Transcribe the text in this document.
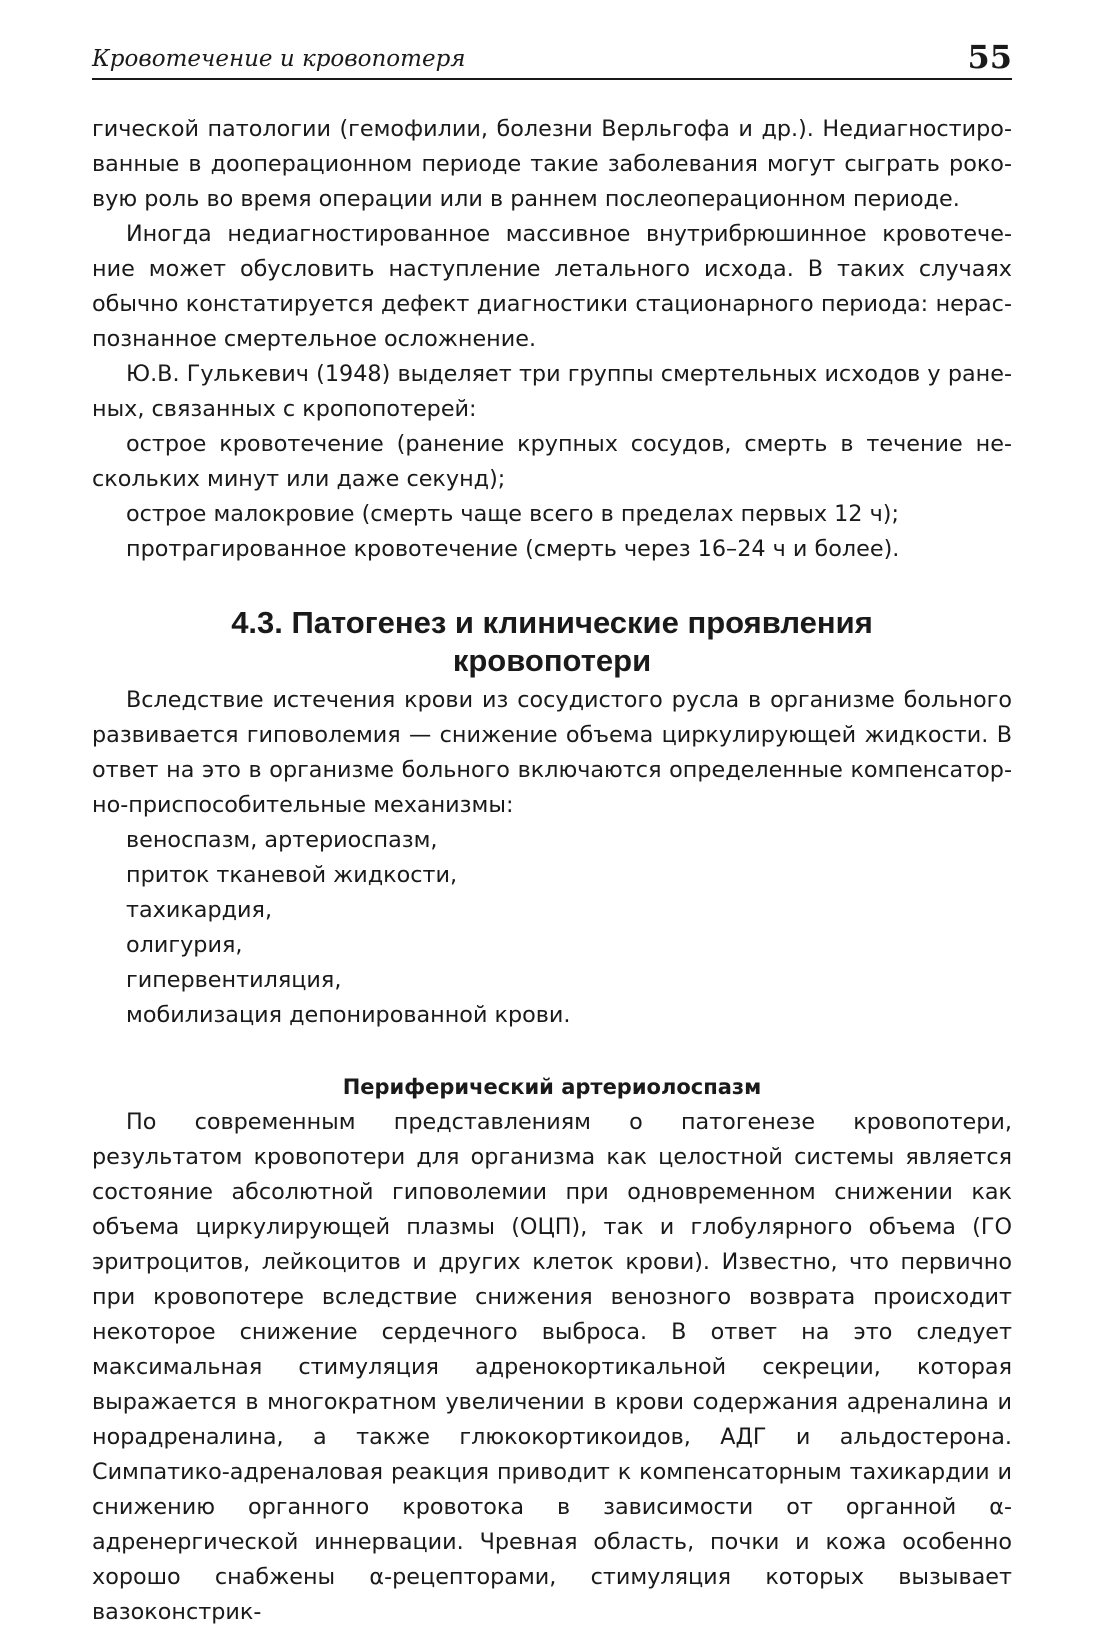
Кровотечение и кровопотеря	55

гической патологии (гемофилии, болезни Верльгофа и др.). Недиагностированные в дооперационном периоде такие заболевания могут сыграть роковую роль во время операции или в раннем послеоперационном периоде.

Иногда недиагностированное массивное внутрибрюшинное кровотечение может обусловить наступление летального исхода. В таких случаях обычно констатируется дефект диагностики стационарного периода: нераспознанное смертельное осложнение.

Ю.В. Гулькевич (1948) выделяет три группы смертельных исходов у раненых, связанных с кропопотерей:

острое кровотечение (ранение крупных сосудов, смерть в течение нескольких минут или даже секунд);
острое малокровие (смерть чаще всего в пределах первых 12 ч);
протрагированное кровотечение (смерть через 16–24 ч и более).
4.3. Патогенез и клинические проявления
кровопотери

Вследствие истечения крови из сосудистого русла в организме больного развивается гиповолемия — снижение объема циркулирующей жидкости. В ответ на это в организме больного включаются определенные компенсаторно-приспособительные механизмы:

веноспазм, артериоспазм,
приток тканевой жидкости,
тахикардия,
олигурия,
гипервентиляция,
мобилизация депонированной крови.
Периферический артериолоспазм

По современным представлениям о патогенезе кровопотери, результатом кровопотери для организма как целостной системы является состояние абсолютной гиповолемии при одновременном снижении как объема циркулирующей плазмы (ОЦП), так и глобулярного объема (ГО эритроцитов, лейкоцитов и других клеток крови). Известно, что первично при кровопотере вследствие снижения венозного возврата происходит некоторое снижение сердечного выброса. В ответ на это следует максимальная стимуляция адренокортикальной секреции, которая выражается в многократном увеличении в крови содержания адреналина и норадреналина, а также глюкокортикоидов, АДГ и альдостерона. Симпатико-адреналовая реакция приводит к компенсаторным тахикардии и снижению органного кровотока в зависимости от органной α-адренергической иннервации. Чревная область, почки и кожа особенно хорошо снабжены α-рецепторами, стимуляция которых вызывает вазоконстрик-
